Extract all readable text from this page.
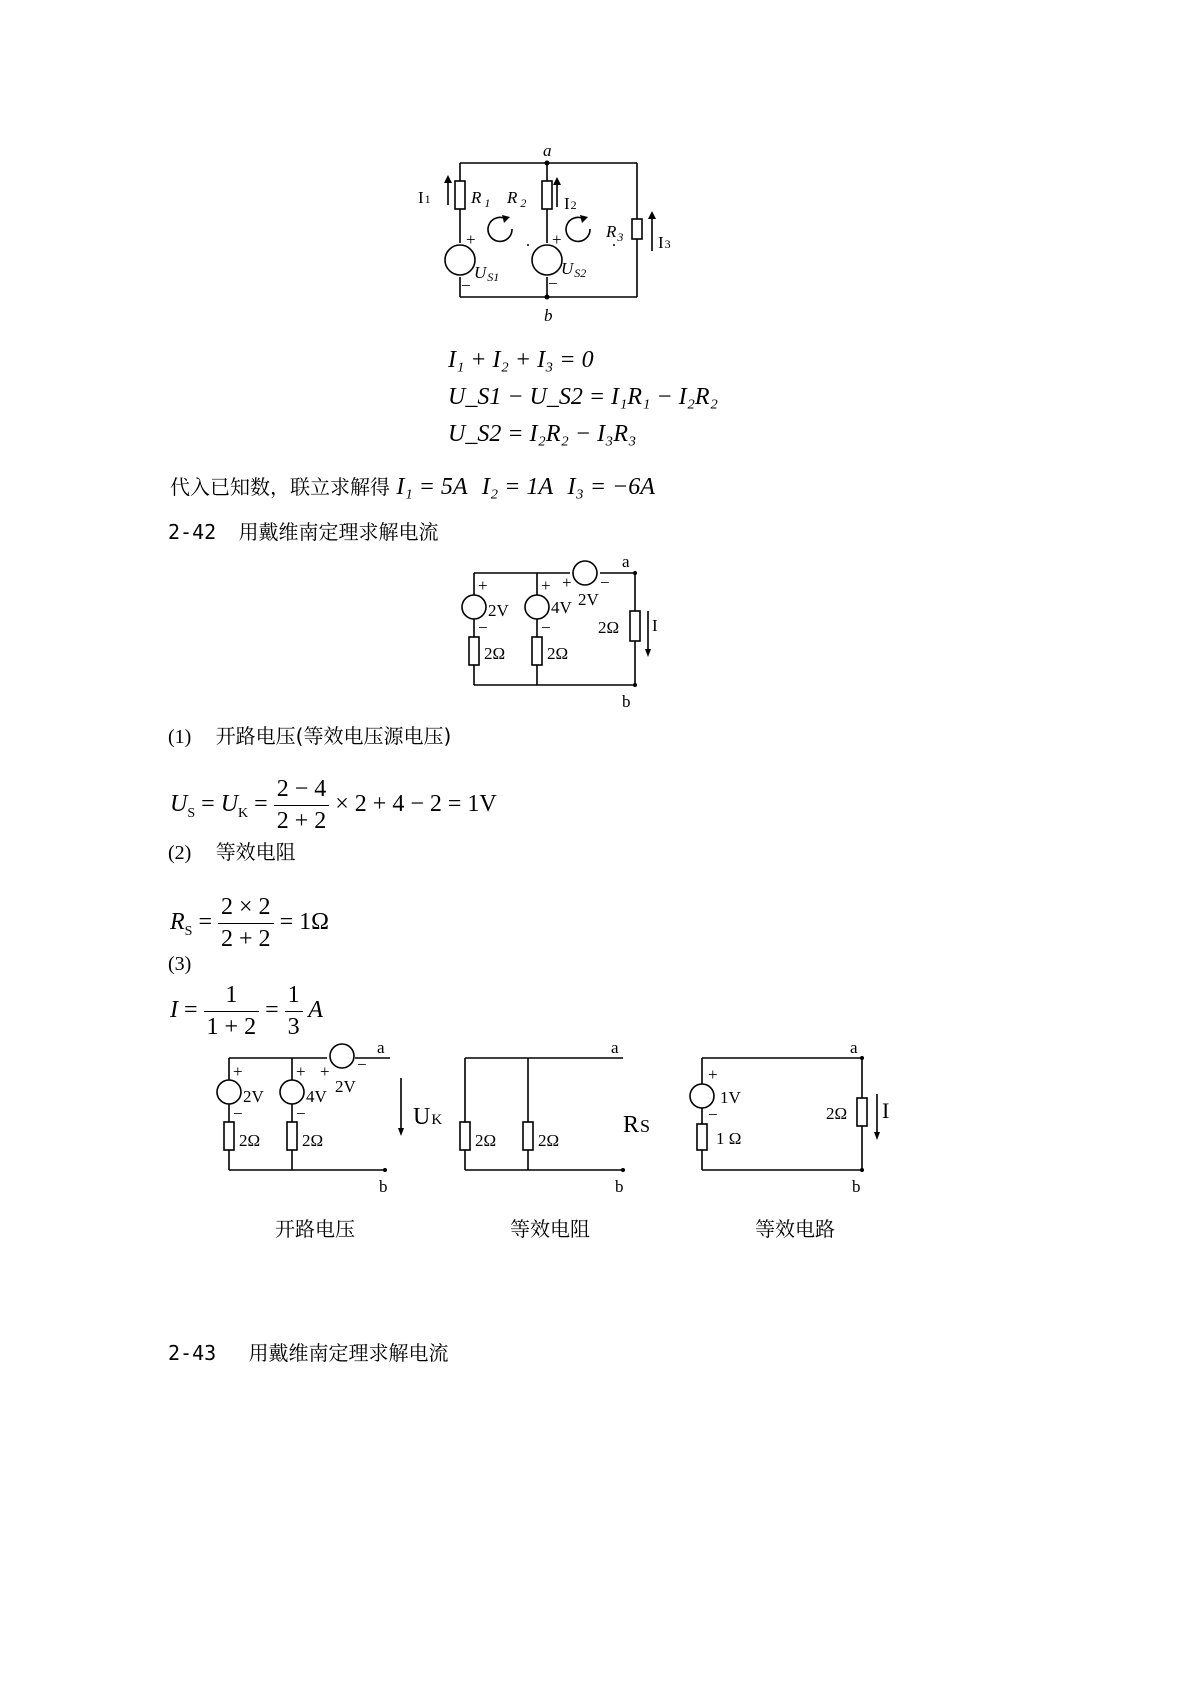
a
b
I1 R $_1$ R $_2$ I2
$R_3$ I3
US1	US2
+	+
−	−
I₁ + I₂ + I₃ = 0
U_S1 − U_S2 = I₁R₁ − I₂R₂
U_S2 = I₂R₂ − I₃R₃
代入已知数，联立求解得 I₁ = 5A I₂ = 1A I₃ = −6A
2-42 用戴维南定理求解电流
a
b
+	+ + −
−	−
2V 4V 2V
2Ω 2Ω
2Ω I
(1) 开路电压(等效电压源电压)
$U_S = U_K = \frac{2 - 4}{2 + 2} \times 2 + 4 - 2 = 1V$
(2) 等效电阻
$R_S = \frac{2 \times 2}{2 + 2} = 1\Omega$
(3)
$I = \frac{1}{1 + 2} = \frac{1}{3}$ A
a
b
+	+ + −
−	−
2V 4V
2V
2Ω 2Ω
UK
a
b
2Ω 2Ω
RS
a
b
+
−
1V
1 Ω
2Ω I
开路电压	等效电阻	等效电路
2-43 用戴维南定理求解电流
